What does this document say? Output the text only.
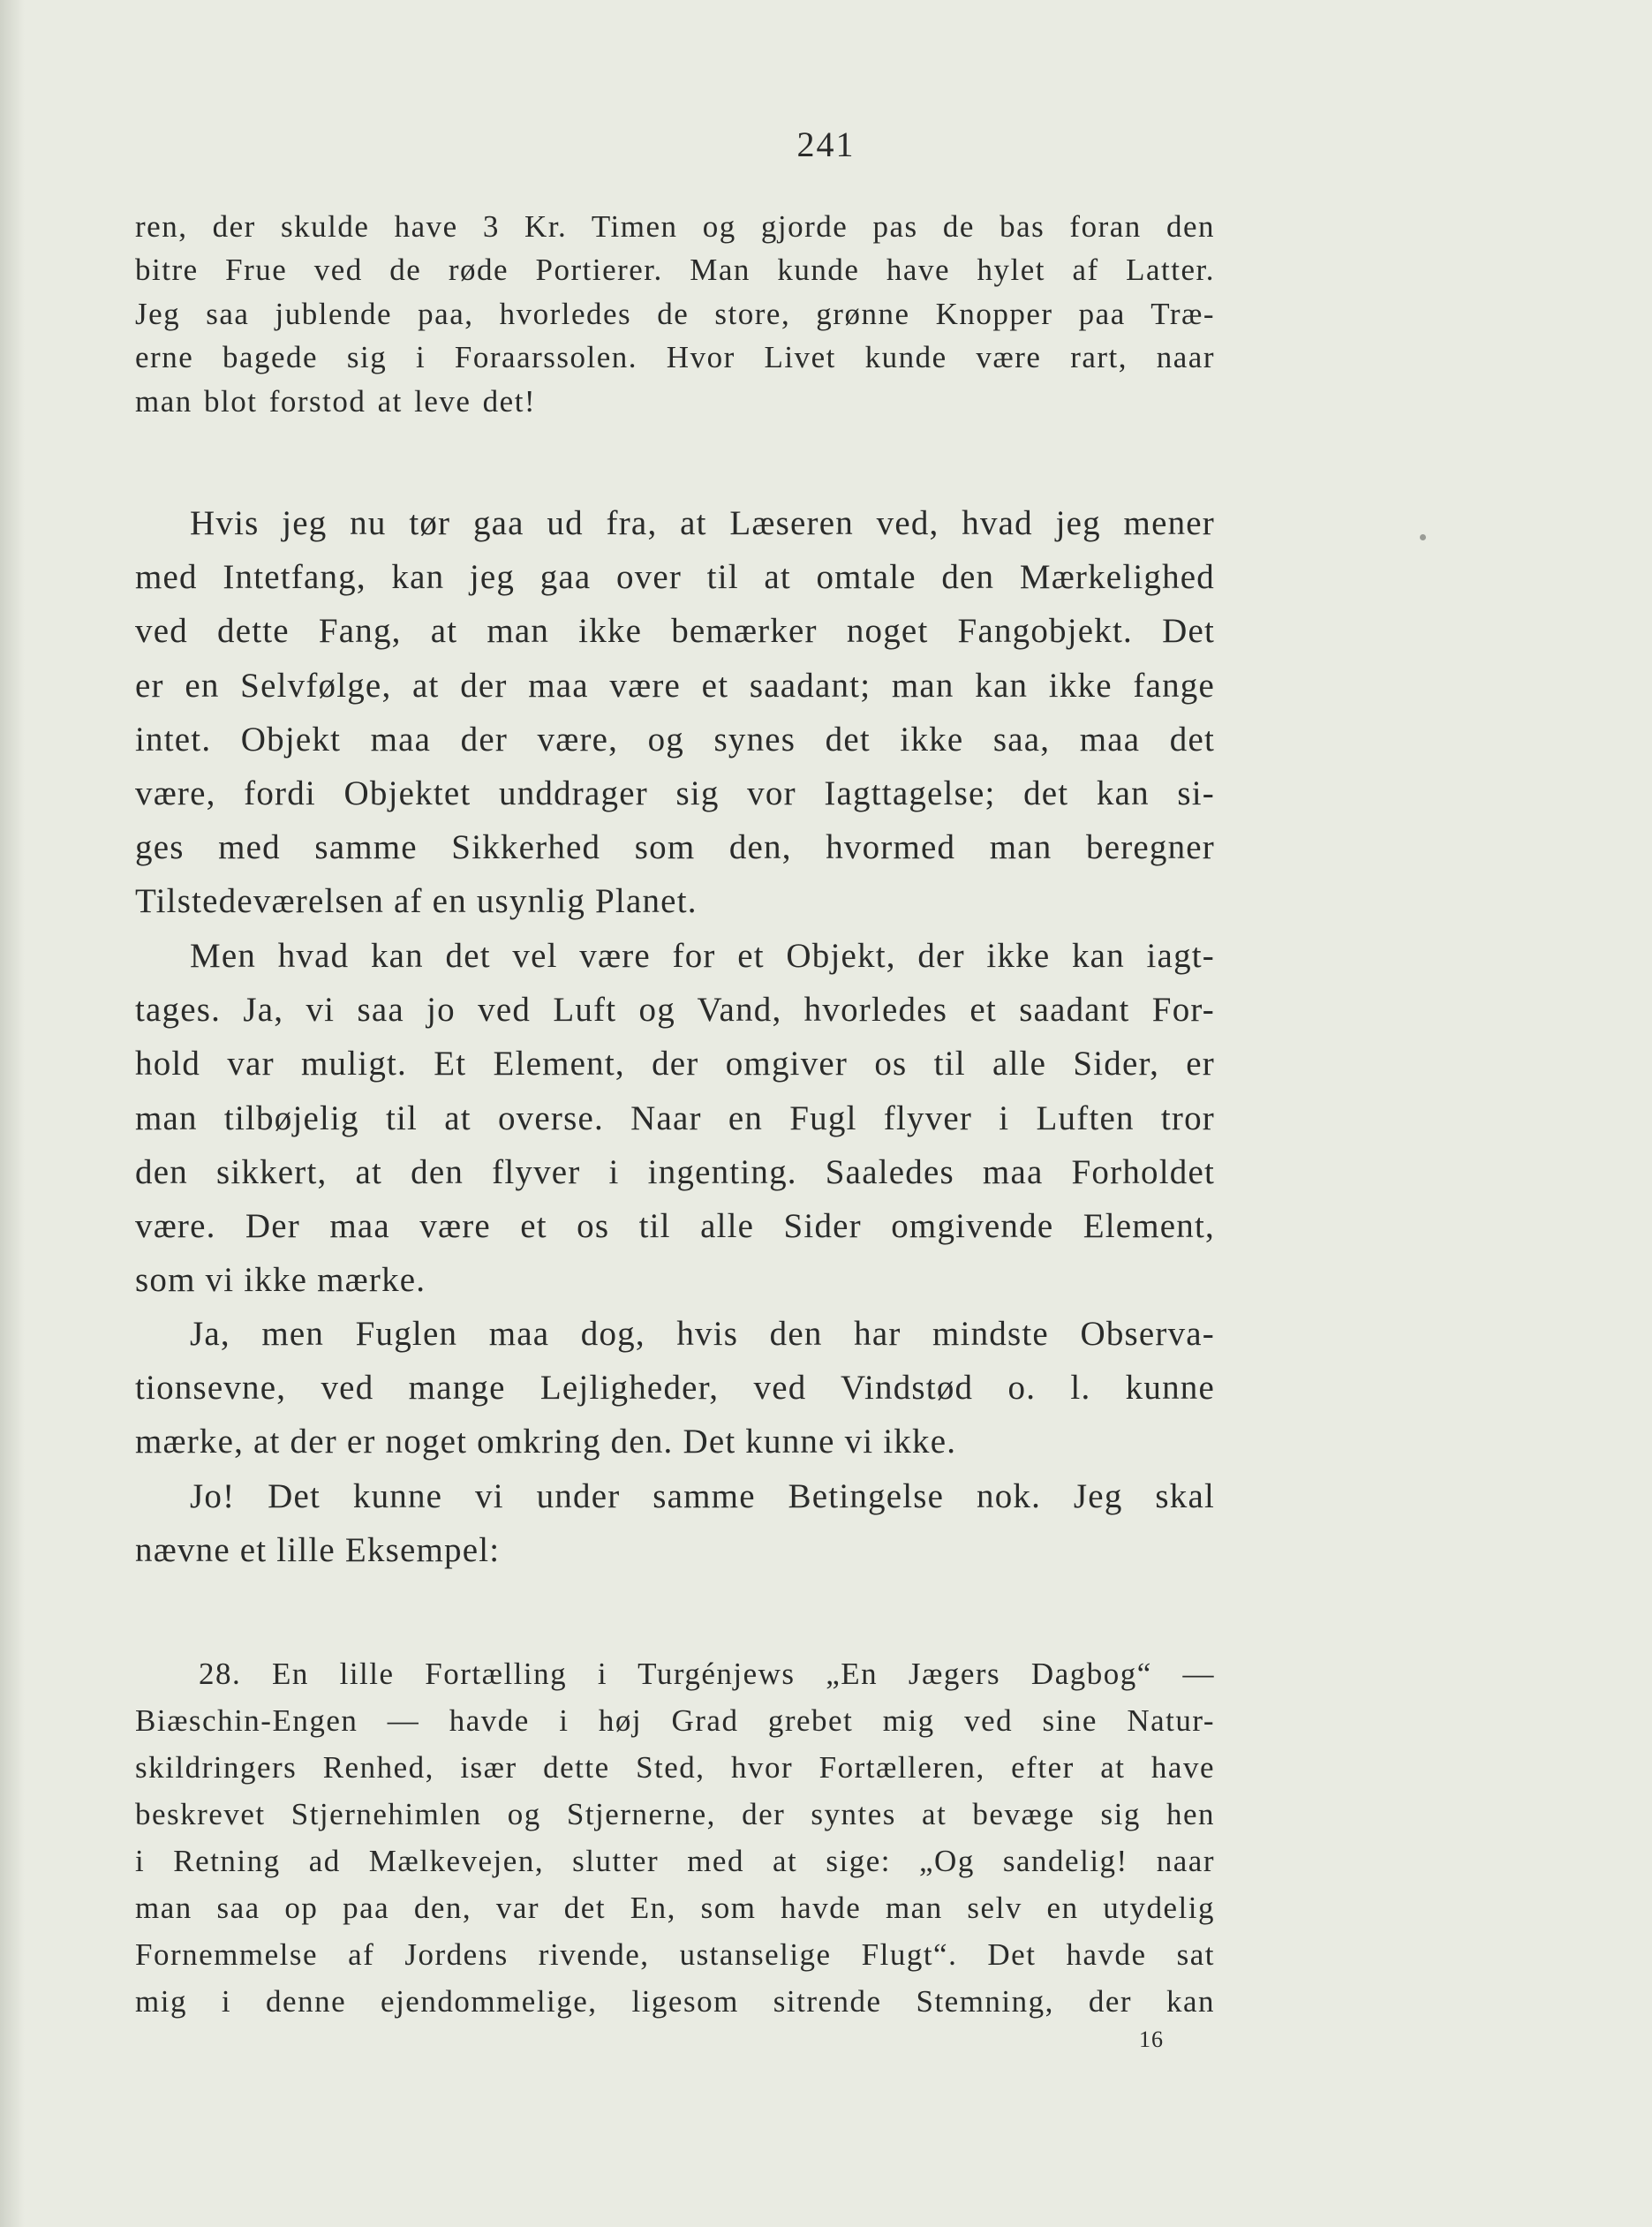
241

ren, der skulde have 3 Kr. Timen og gjorde pas de bas foran den

bitre Frue ved de røde Portierer. Man kunde have hylet af Latter.

Jeg saa jublende paa, hvorledes de store, grønne Knopper paa Træ-

erne bagede sig i Foraarssolen. Hvor Livet kunde være rart, naar

man blot forstod at leve det!

Hvis jeg nu tør gaa ud fra, at Læseren ved, hvad jeg mener

med Intetfang, kan jeg gaa over til at omtale den Mærkelighed

ved dette Fang, at man ikke bemærker noget Fangobjekt. Det

er en Selvfølge, at der maa være et saadant; man kan ikke fange

intet. Objekt maa der være, og synes det ikke saa, maa det

være, fordi Objektet unddrager sig vor Iagttagelse; det kan si-

ges med samme Sikkerhed som den, hvormed man beregner

Tilstedeværelsen af en usynlig Planet.

Men hvad kan det vel være for et Objekt, der ikke kan iagt-

tages. Ja, vi saa jo ved Luft og Vand, hvorledes et saadant For-

hold var muligt. Et Element, der omgiver os til alle Sider, er

man tilbøjelig til at overse. Naar en Fugl flyver i Luften tror

den sikkert, at den flyver i ingenting. Saaledes maa Forholdet

være. Der maa være et os til alle Sider omgivende Element,

som vi ikke mærke.

Ja, men Fuglen maa dog, hvis den har mindste Observa-

tionsevne, ved mange Lejligheder, ved Vindstød o. l. kunne

mærke, at der er noget omkring den. Det kunne vi ikke.

Jo! Det kunne vi under samme Betingelse nok. Jeg skal

nævne et lille Eksempel:

28. En lille Fortælling i Turgénjews „En Jægers Dagbog“ —

Biæschin-Engen — havde i høj Grad grebet mig ved sine Natur-

skildringers Renhed, især dette Sted, hvor Fortælleren, efter at have

beskrevet Stjernehimlen og Stjernerne, der syntes at bevæge sig hen

i Retning ad Mælkevejen, slutter med at sige: „Og sandelig! naar

man saa op paa den, var det En, som havde man selv en utydelig

Fornemmelse af Jordens rivende, ustanselige Flugt“. Det havde sat

mig i denne ejendommelige, ligesom sitrende Stemning, der kan

16
